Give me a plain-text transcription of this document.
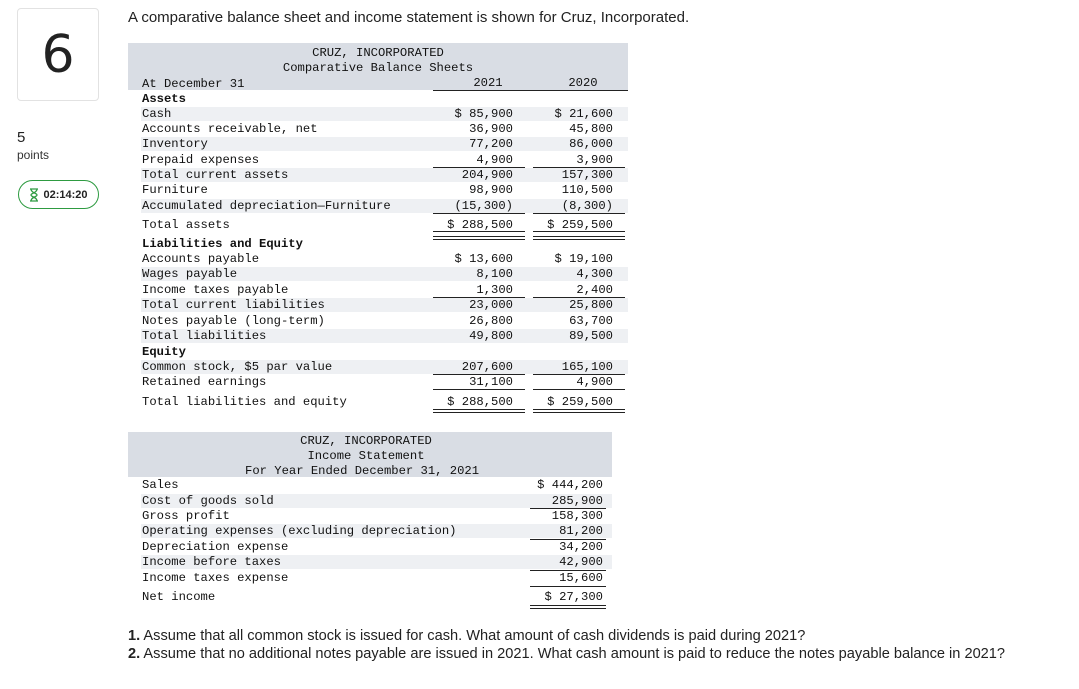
6
5
points
02:14:20
A comparative balance sheet and income statement is shown for Cruz, Incorporated.
CRUZ, INCORPORATED
Comparative Balance Sheets
At December 31	2021	2020
Assets
Cash	$ 85,900	$ 21,600
Accounts receivable, net	36,900	45,800
Inventory	77,200	86,000
Prepaid expenses	4,900	3,900
Total current assets	204,900	157,300
Furniture	98,900	110,500
Accumulated depreciation—Furniture	(15,300)	(8,300)
Total assets	$ 288,500	$ 259,500
Liabilities and Equity
Accounts payable	$ 13,600	$ 19,100
Wages payable	8,100	4,300
Income taxes payable	1,300	2,400
Total current liabilities	23,000	25,800
Notes payable (long-term)	26,800	63,700
Total liabilities	49,800	89,500
Equity
Common stock, $5 par value	207,600	165,100
Retained earnings	31,100	4,900
Total liabilities and equity	$ 288,500	$ 259,500
CRUZ, INCORPORATED
Income Statement
For Year Ended December 31, 2021
Sales	$ 444,200
Cost of goods sold	285,900
Gross profit	158,300
Operating expenses (excluding depreciation)	81,200
Depreciation expense	34,200
Income before taxes	42,900
Income taxes expense	15,600
Net income	$ 27,300
1. Assume that all common stock is issued for cash. What amount of cash dividends is paid during 2021?
2. Assume that no additional notes payable are issued in 2021. What cash amount is paid to reduce the notes payable balance in 2021?
